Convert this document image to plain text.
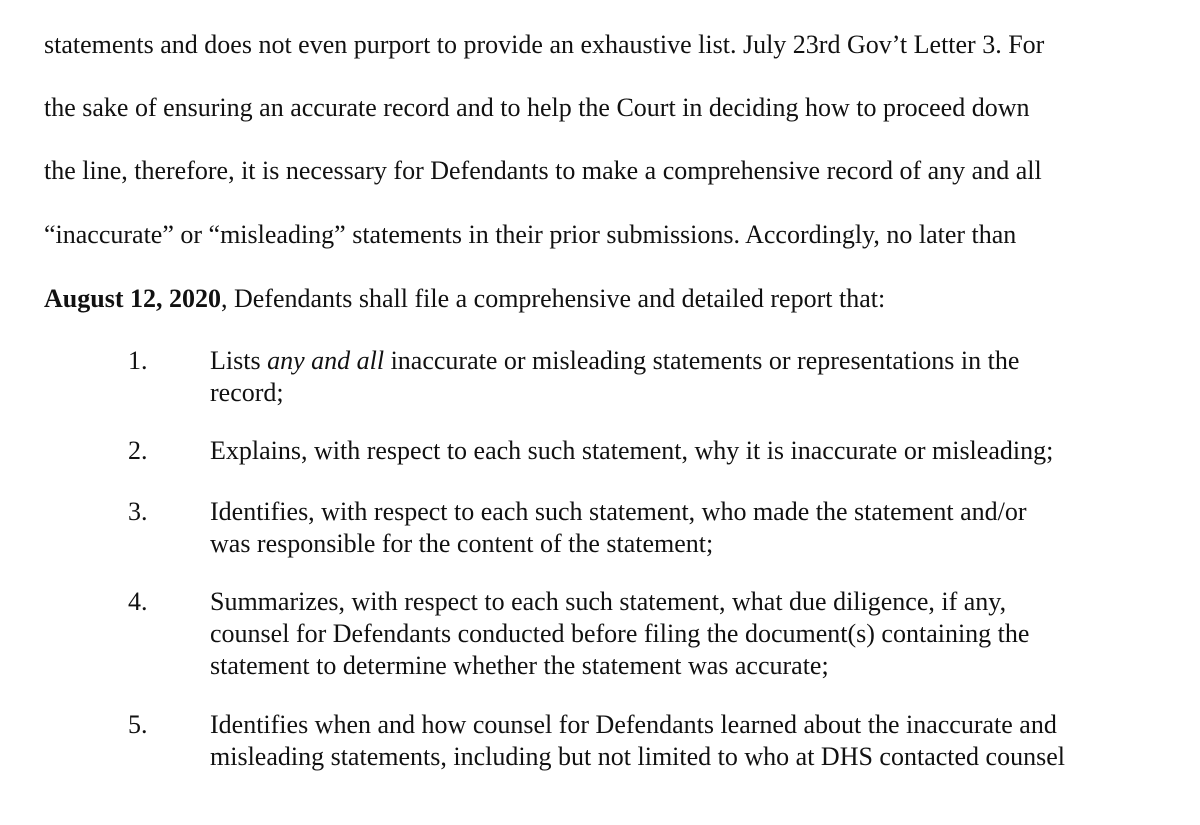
statements and does not even purport to provide an exhaustive list. July 23rd Gov’t Letter 3. For
the sake of ensuring an accurate record and to help the Court in deciding how to proceed down
the line, therefore, it is necessary for Defendants to make a comprehensive record of any and all
“inaccurate” or “misleading” statements in their prior submissions. Accordingly, no later than
August 12, 2020, Defendants shall file a comprehensive and detailed report that:
1. Lists any and all inaccurate or misleading statements or representations in the
record;
2. Explains, with respect to each such statement, why it is inaccurate or misleading;
3. Identifies, with respect to each such statement, who made the statement and/or
was responsible for the content of the statement;
4. Summarizes, with respect to each such statement, what due diligence, if any,
counsel for Defendants conducted before filing the document(s) containing the
statement to determine whether the statement was accurate;
5. Identifies when and how counsel for Defendants learned about the inaccurate and
misleading statements, including but not limited to who at DHS contacted counsel
